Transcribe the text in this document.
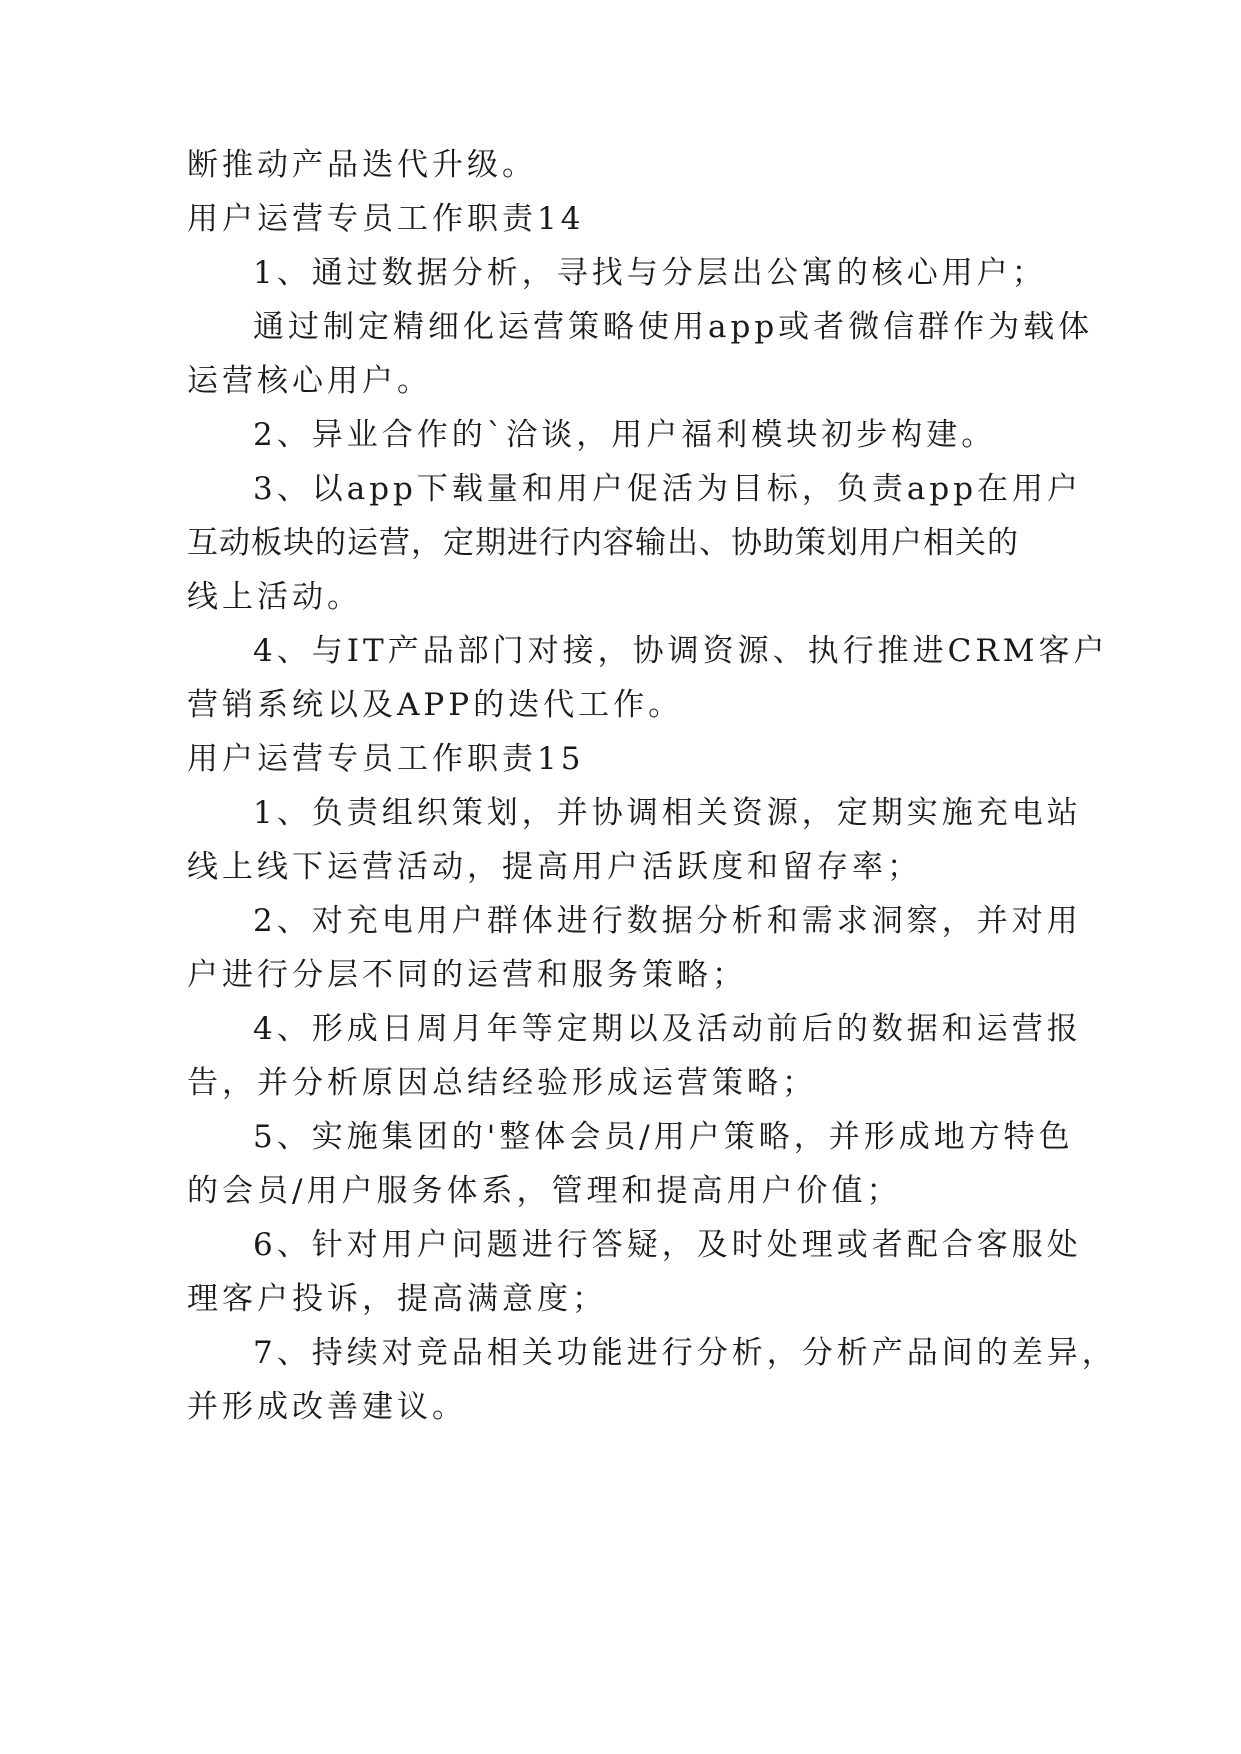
断推动产品迭代升级。
用户运营专员工作职责14
1、通过数据分析，寻找与分层出公寓的核心用户；
通过制定精细化运营策略使用app或者微信群作为载体
运营核心用户。
2、异业合作的`洽谈，用户福利模块初步构建。
3、以app下载量和用户促活为目标，负责app在用户
互动板块的运营，定期进行内容输出、协助策划用户相关的
线上活动。
4、与IT产品部门对接，协调资源、执行推进CRM客户
营销系统以及APP的迭代工作。
用户运营专员工作职责15
1、负责组织策划，并协调相关资源，定期实施充电站
线上线下运营活动，提高用户活跃度和留存率；
2、对充电用户群体进行数据分析和需求洞察，并对用
户进行分层不同的运营和服务策略；
4、形成日周月年等定期以及活动前后的数据和运营报
告，并分析原因总结经验形成运营策略；
5、实施集团的'整体会员/用户策略，并形成地方特色
的会员/用户服务体系，管理和提高用户价值；
6、针对用户问题进行答疑，及时处理或者配合客服处
理客户投诉，提高满意度；
7、持续对竞品相关功能进行分析，分析产品间的差异，
并形成改善建议。
